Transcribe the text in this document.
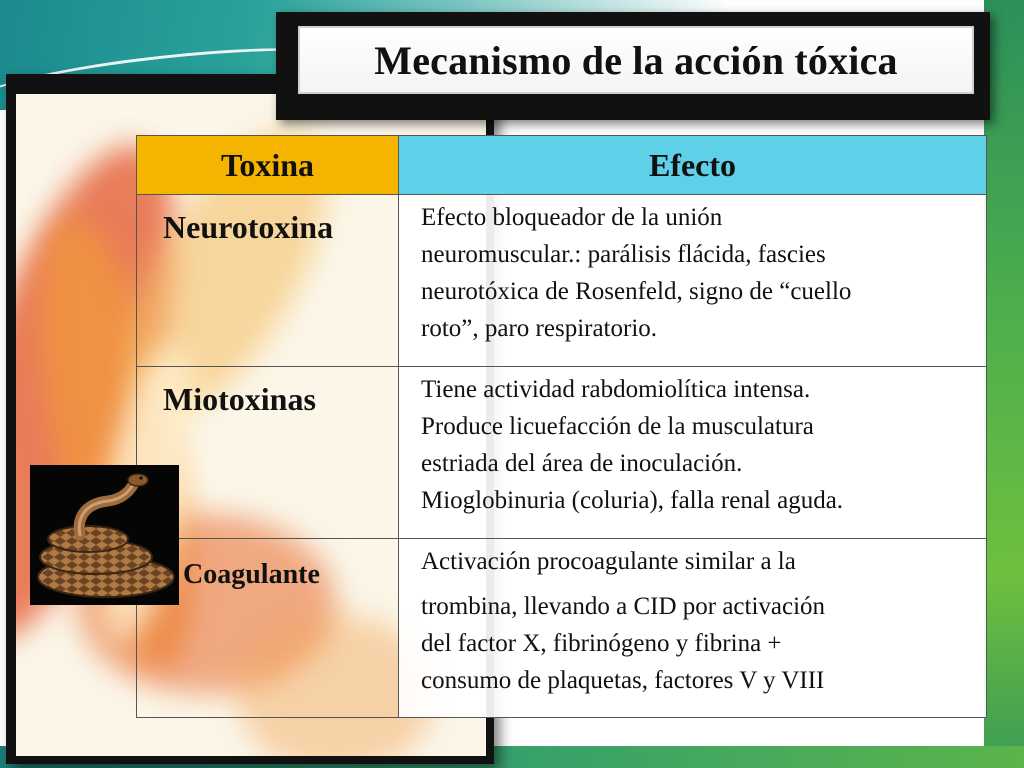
Mecanismo de la acción tóxica
Toxina	Efecto
Neurotoxina	Efecto bloqueador de la unión
neuromuscular.: parálisis flácida, fascies
neurotóxica de Rosenfeld, signo de “cuello
roto”, paro respiratorio.

Miotoxinas	Tiene actividad rabdomiolítica intensa.
Produce licuefacción de la musculatura
estriada del área de inoculación.
Mioglobinuria (coluria), falla renal aguda.

Coagulante	Activación procoagulante similar a la
trombina, llevando a CID por activación
del factor X, fibrinógeno y fibrina +
consumo de plaquetas, factores V y VIII
